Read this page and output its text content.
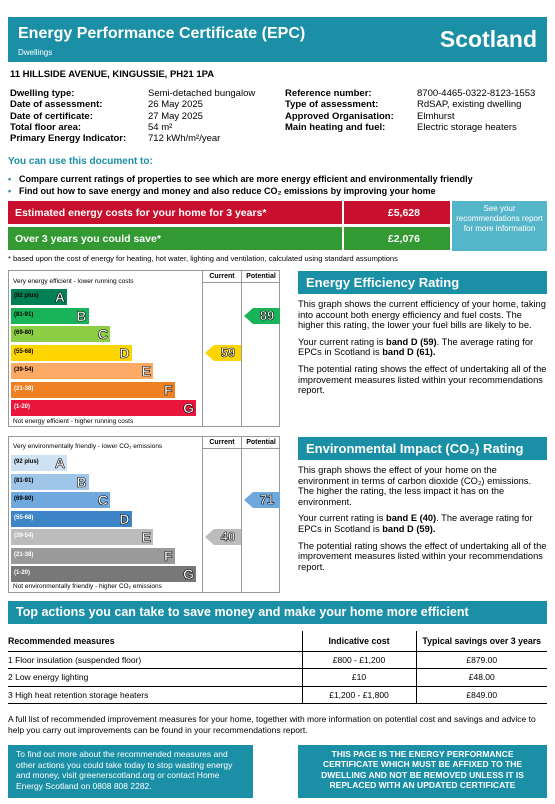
Energy Performance Certificate (EPC)
Dwellings
Scotland
11 HILLSIDE AVENUE, KINGUSSIE, PH21 1PA
Dwelling type:	Semi-detached bungalow
Date of assessment:	26 May 2025
Date of certificate:	27 May 2025
Total floor area:	54 m²
Primary Energy Indicator:	712 kWh/m²/year
Reference number:	8700-4465-0322-8123-1553
Type of assessment:	RdSAP, existing dwelling
Approved Organisation:	Elmhurst
Main heating and fuel:	Electric storage heaters
You can use this document to:
• Compare current ratings of properties to see which are more energy efficient and environmentally friendly
• Find out how to save energy and money and also reduce CO₂ emissions by improving your home
Estimated energy costs for your home for 3 years*	£5,628
Over 3 years you could save*	£2,076
See your recommendations report for more information
* based upon the cost of energy for heating, hot water, lighting and ventilation, calculated using standard assumptions
Very energy efficient - lower running costs
Not energy efficient - higher running costs
Current	Potential
(92 plus) A
(81-91)	B
(69-80)	C
(55-68)	D
(39-54)	E
(21-38)	F
(1-20)	G
59
89
Very environmentally friendly - lower CO₂ emissions
Not environmentally friendly - higher CO₂ emissions
Current	Potential
(92 plus) A
(81-91)	B
(69-80)	C
(55-68)	D
(39-54)	E
(21-38)	F
(1-20)	G
40
71
Energy Efficiency Rating

This graph shows the current efficiency of your home, taking into account both energy efficiency and fuel costs. The higher this rating, the lower your fuel bills are likely to be.

Your current rating is band D (59). The average rating for EPCs in Scotland is band D (61).

The potential rating shows the effect of undertaking all of the improvement measures listed within your recommendations report.

Environmental Impact (CO₂) Rating

This graph shows the effect of your home on the environment in terms of carbon dioxide (CO₂) emissions. The higher the rating, the less impact it has on the environment.

Your current rating is band E (40). The average rating for EPCs in Scotland is band D (59).

The potential rating shows the effect of undertaking all of the improvement measures listed within your recommendations report.

Top actions you can take to save money and make your home more efficient
Recommended measures	Indicative cost	Typical savings over 3 years
1 Floor insulation (suspended floor)	£800 - £1,200	£879.00
2 Low energy lighting	£10	£48.00
3 High heat retention storage heaters	£1,200 - £1,800	£849.00
A full list of recommended improvement measures for your home, together with more information on potential cost and savings and advice to help you carry out improvements can be found in your recommendations report.
To find out more about the recommended measures and other actions you could take today to stop wasting energy and money, visit greenerscotland.org or contact Home Energy Scotland on 0808 808 2282.
THIS PAGE IS THE ENERGY PERFORMANCE CERTIFICATE WHICH MUST BE AFFIXED TO THE DWELLING AND NOT BE REMOVED UNLESS IT IS REPLACED WITH AN UPDATED CERTIFICATE
